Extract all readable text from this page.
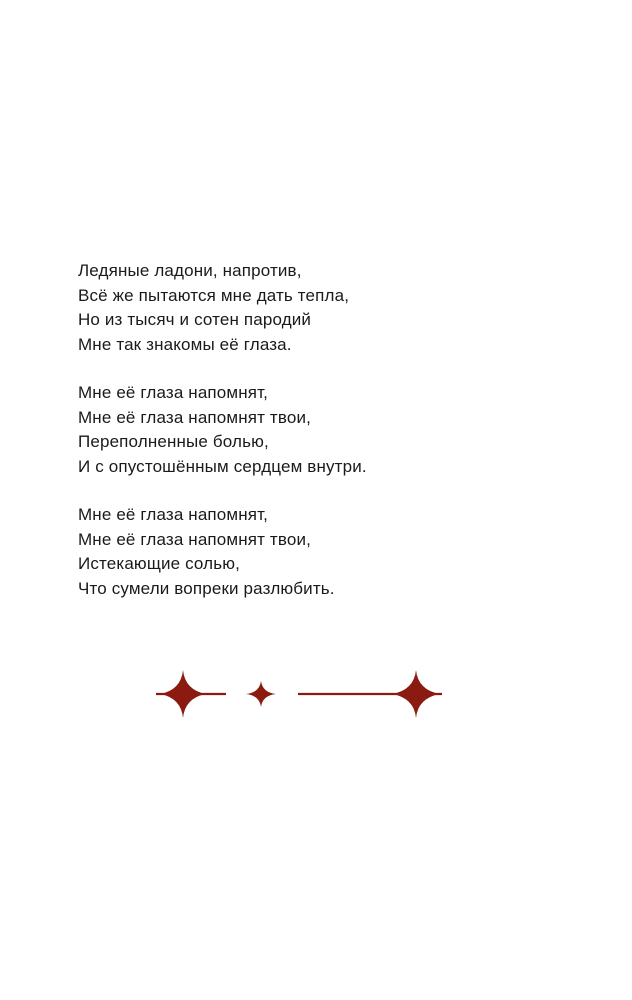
Ледяные ладони, напротив,
Всё же пытаются мне дать тепла,
Но из тысяч и сотен пародий
Мне так знакомы её глаза.
Мне её глаза напомнят,
Мне её глаза напомнят твои,
Переполненные болью,
И с опустошённым сердцем внутри.
Мне её глаза напомнят,
Мне её глаза напомнят твои,
Истекающие солью,
Что сумели вопреки разлюбить.
